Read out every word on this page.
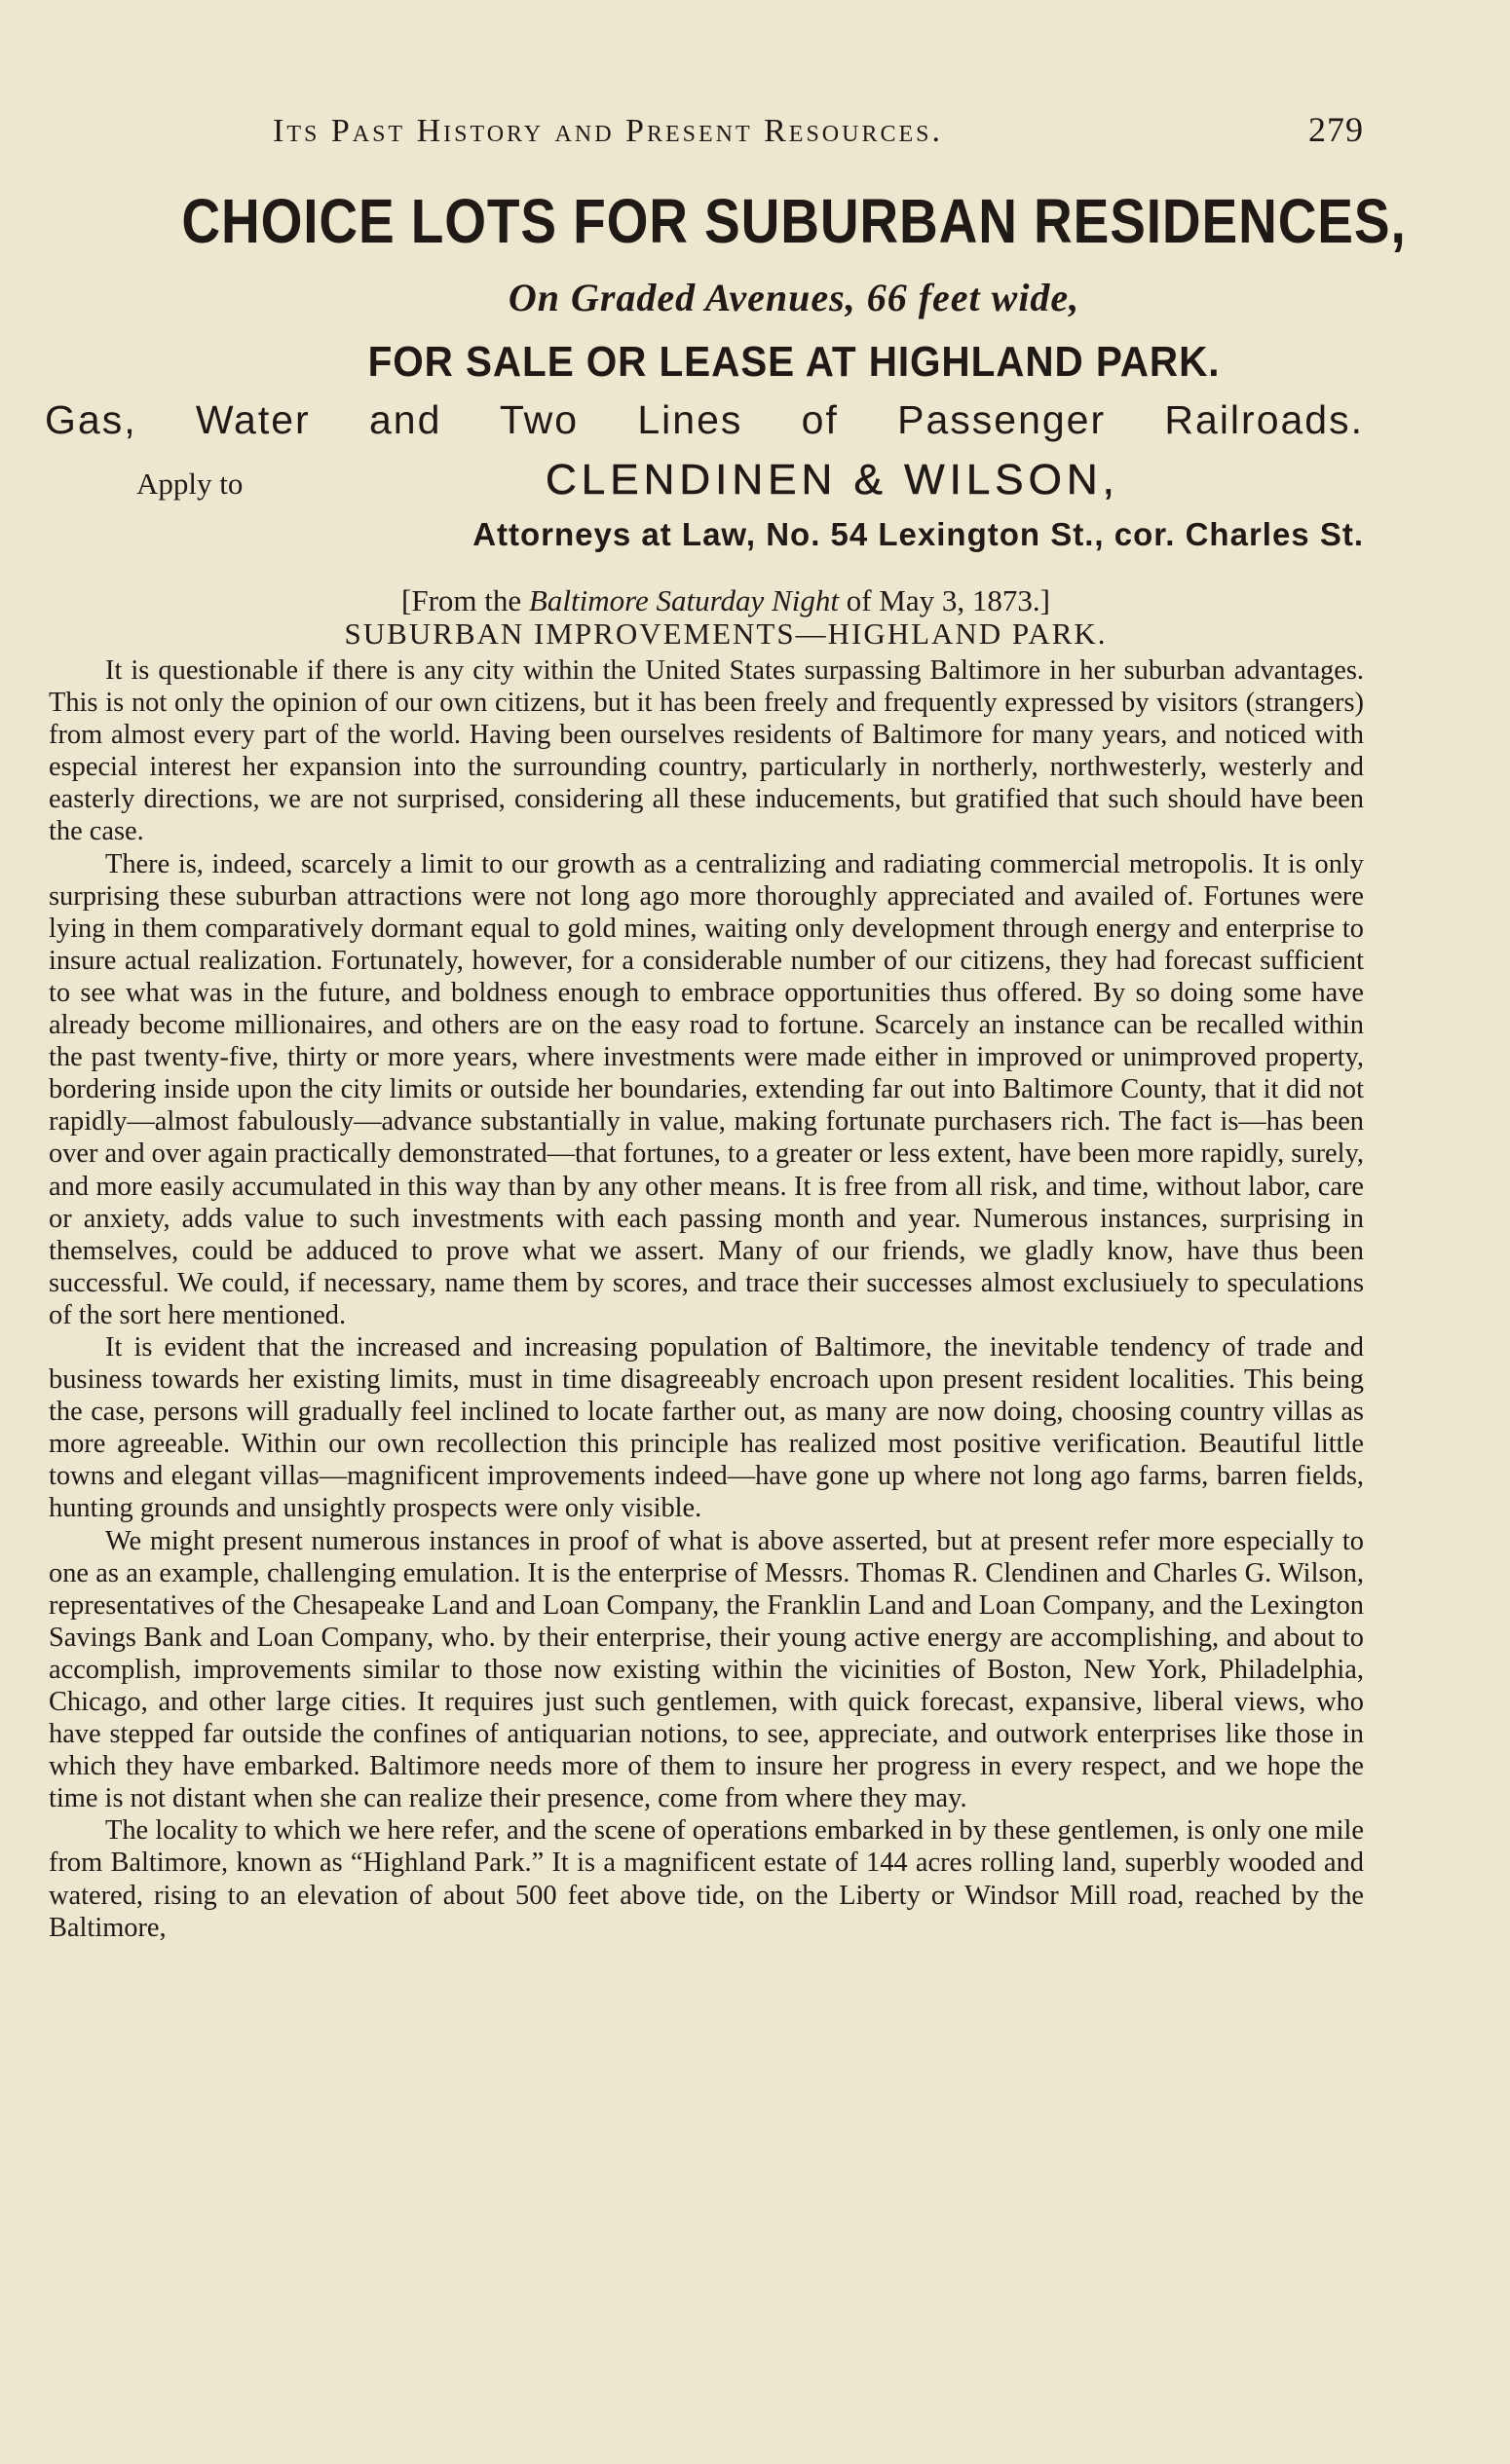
Its Past History and Present Resources.	279
CHOICE LOTS FOR SUBURBAN RESIDENCES,
On Graded Avenues, 66 feet wide,
FOR SALE OR LEASE AT HIGHLAND PARK.
Gas, Water and Two Lines of Passenger Railroads.
Apply to	CLENDINEN & WILSON,
Attorneys at Law, No. 54 Lexington St., cor. Charles St.
[From the Baltimore Saturday Night of May 3, 1873.]
SUBURBAN IMPROVEMENTS—HIGHLAND PARK.

It is questionable if there is any city within the United States surpassing Baltimore in her suburban advantages. This is not only the opinion of our own citizens, but it has been freely and frequently expressed by visitors (strangers) from almost every part of the world. Having been ourselves residents of Baltimore for many years, and noticed with especial interest her expansion into the surrounding country, particularly in northerly, northwesterly, westerly and easterly directions, we are not surprised, considering all these inducements, but gratified that such should have been the case.

There is, indeed, scarcely a limit to our growth as a centralizing and radiating commercial metropolis. It is only surprising these suburban attractions were not long ago more thoroughly appreciated and availed of. Fortunes were lying in them comparatively dormant equal to gold mines, waiting only development through energy and enterprise to insure actual realization. Fortunately, however, for a considerable number of our citizens, they had forecast sufficient to see what was in the future, and boldness enough to embrace opportunities thus offered. By so doing some have already become millionaires, and others are on the easy road to fortune. Scarcely an instance can be recalled within the past twenty-five, thirty or more years, where investments were made either in improved or unimproved property, bordering inside upon the city limits or outside her boundaries, extending far out into Baltimore County, that it did not rapidly—almost fabulously—advance substantially in value, making fortunate purchasers rich. The fact is—has been over and over again practically demonstrated—that fortunes, to a greater or less extent, have been more rapidly, surely, and more easily accumulated in this way than by any other means. It is free from all risk, and time, without labor, care or anxiety, adds value to such investments with each passing month and year. Numerous instances, surprising in themselves, could be adduced to prove what we assert. Many of our friends, we gladly know, have thus been successful. We could, if necessary, name them by scores, and trace their successes almost exclusiuely to speculations of the sort here mentioned.

It is evident that the increased and increasing population of Baltimore, the inevitable tendency of trade and business towards her existing limits, must in time disagreeably encroach upon present resident localities. This being the case, persons will gradually feel inclined to locate farther out, as many are now doing, choosing country villas as more agreeable. Within our own recollection this principle has realized most positive verification. Beautiful little towns and elegant villas—magnificent improvements indeed—have gone up where not long ago farms, barren fields, hunting grounds and unsightly prospects were only visible.

We might present numerous instances in proof of what is above asserted, but at present refer more especially to one as an example, challenging emulation. It is the enterprise of Messrs. Thomas R. Clendinen and Charles G. Wilson, representatives of the Chesapeake Land and Loan Company, the Franklin Land and Loan Company, and the Lexington Savings Bank and Loan Company, who. by their enterprise, their young active energy are accomplishing, and about to accomplish, improvements similar to those now existing within the vicinities of Boston, New York, Philadelphia, Chicago, and other large cities. It requires just such gentlemen, with quick forecast, expansive, liberal views, who have stepped far outside the confines of antiquarian notions, to see, appreciate, and outwork enterprises like those in which they have embarked. Baltimore needs more of them to insure her progress in every respect, and we hope the time is not distant when she can realize their presence, come from where they may.

The locality to which we here refer, and the scene of operations embarked in by these gentlemen, is only one mile from Baltimore, known as “Highland Park.” It is a magnificent estate of 144 acres rolling land, superbly wooded and watered, rising to an elevation of about 500 feet above tide, on the Liberty or Windsor Mill road, reached by the Baltimore,
